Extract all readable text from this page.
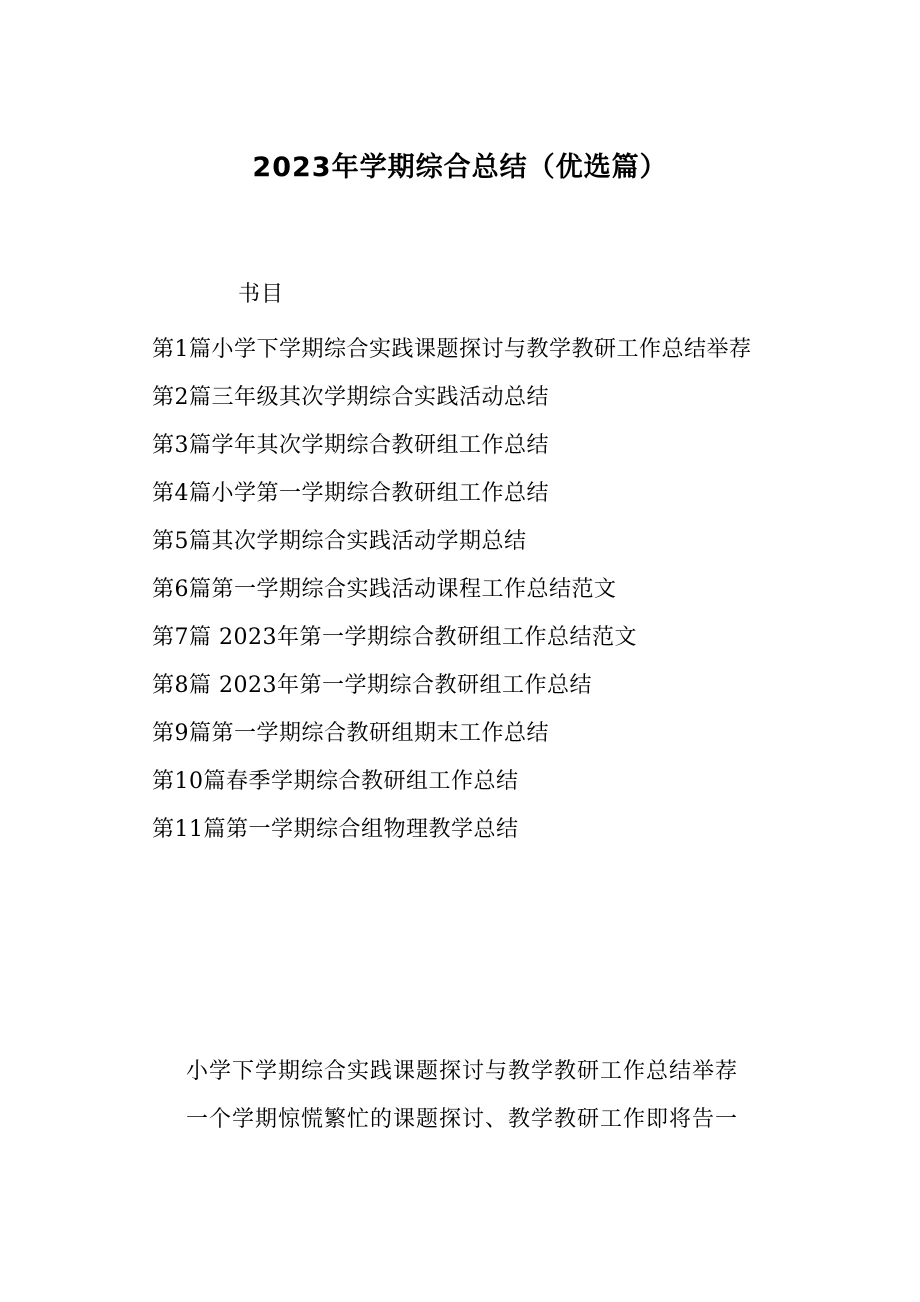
2023年学期综合总结（优选篇）
书目
第1篇小学下学期综合实践课题探讨与教学教研工作总结举荐
第2篇三年级其次学期综合实践活动总结
第3篇学年其次学期综合教研组工作总结
第4篇小学第一学期综合教研组工作总结
第5篇其次学期综合实践活动学期总结
第6篇第一学期综合实践活动课程工作总结范文
第7篇 2023年第一学期综合教研组工作总结范文
第8篇 2023年第一学期综合教研组工作总结
第9篇第一学期综合教研组期末工作总结
第10篇春季学期综合教研组工作总结
第11篇第一学期综合组物理教学总结

小学下学期综合实践课题探讨与教学教研工作总结举荐

一个学期惊慌繁忙的课题探讨、教学教研工作即将告一
